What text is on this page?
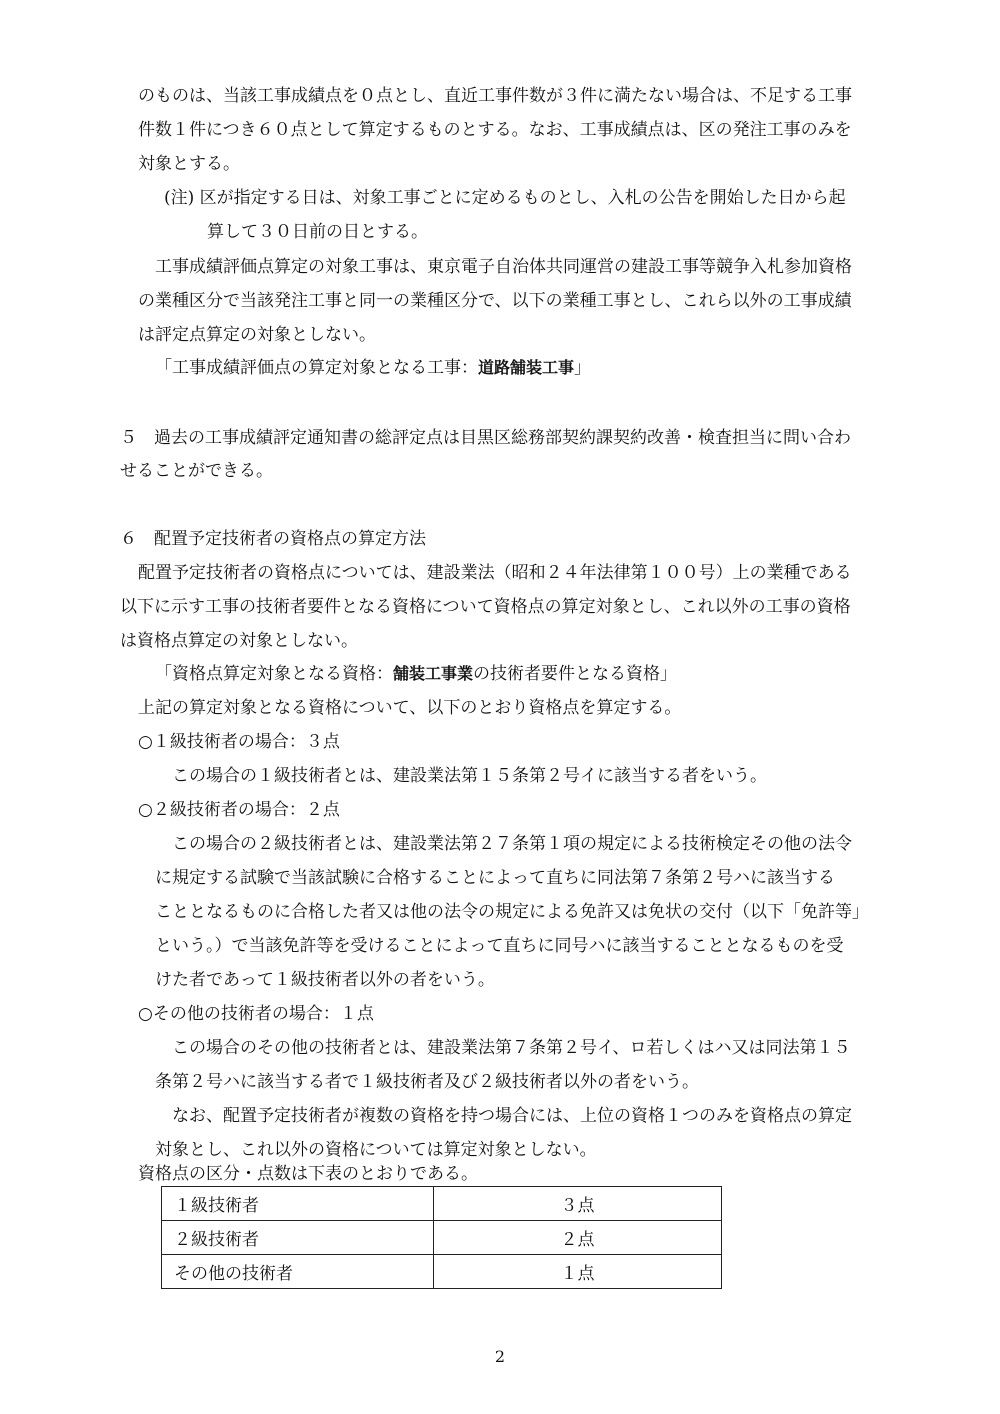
のものは、当該工事成績点を０点とし、直近工事件数が３件に満たない場合は、不足する工事
件数１件につき６０点として算定するものとする。なお、工事成績点は、区の発注工事のみを
対象とする。
(注) 区が指定する日は、対象工事ごとに定めるものとし、入札の公告を開始した日から起
算して３０日前の日とする。
工事成績評価点算定の対象工事は、東京電子自治体共同運営の建設工事等競争入札参加資格
の業種区分で当該発注工事と同一の業種区分で、以下の業種工事とし、これら以外の工事成績
は評定点算定の対象としない。
「工事成績評価点の算定対象となる工事：道路舗装工事」
５　過去の工事成績評定通知書の総評定点は目黒区総務部契約課契約改善・検査担当に問い合わ
せることができる。
６　配置予定技術者の資格点の算定方法
配置予定技術者の資格点については、建設業法（昭和２４年法律第１００号）上の業種である
以下に示す工事の技術者要件となる資格について資格点の算定対象とし、これ以外の工事の資格
は資格点算定の対象としない。
「資格点算定対象となる資格：舗装工事業の技術者要件となる資格」
上記の算定対象となる資格について、以下のとおり資格点を算定する。
○１級技術者の場合：３点
この場合の１級技術者とは、建設業法第１５条第２号イに該当する者をいう。
○２級技術者の場合：２点
この場合の２級技術者とは、建設業法第２７条第１項の規定による技術検定その他の法令
に規定する試験で当該試験に合格することによって直ちに同法第７条第２号ハに該当する
こととなるものに合格した者又は他の法令の規定による免許又は免状の交付（以下「免許等」
という。）で当該免許等を受けることによって直ちに同号ハに該当することとなるものを受
けた者であって１級技術者以外の者をいう。
○その他の技術者の場合：１点
この場合のその他の技術者とは、建設業法第７条第２号イ、ロ若しくはハ又は同法第１５
条第２号ハに該当する者で１級技術者及び２級技術者以外の者をいう。
なお、配置予定技術者が複数の資格を持つ場合には、上位の資格１つのみを資格点の算定
対象とし、これ以外の資格については算定対象としない。
資格点の区分・点数は下表のとおりである。
１級技術者	３点
２級技術者	２点
その他の技術者	１点
2
